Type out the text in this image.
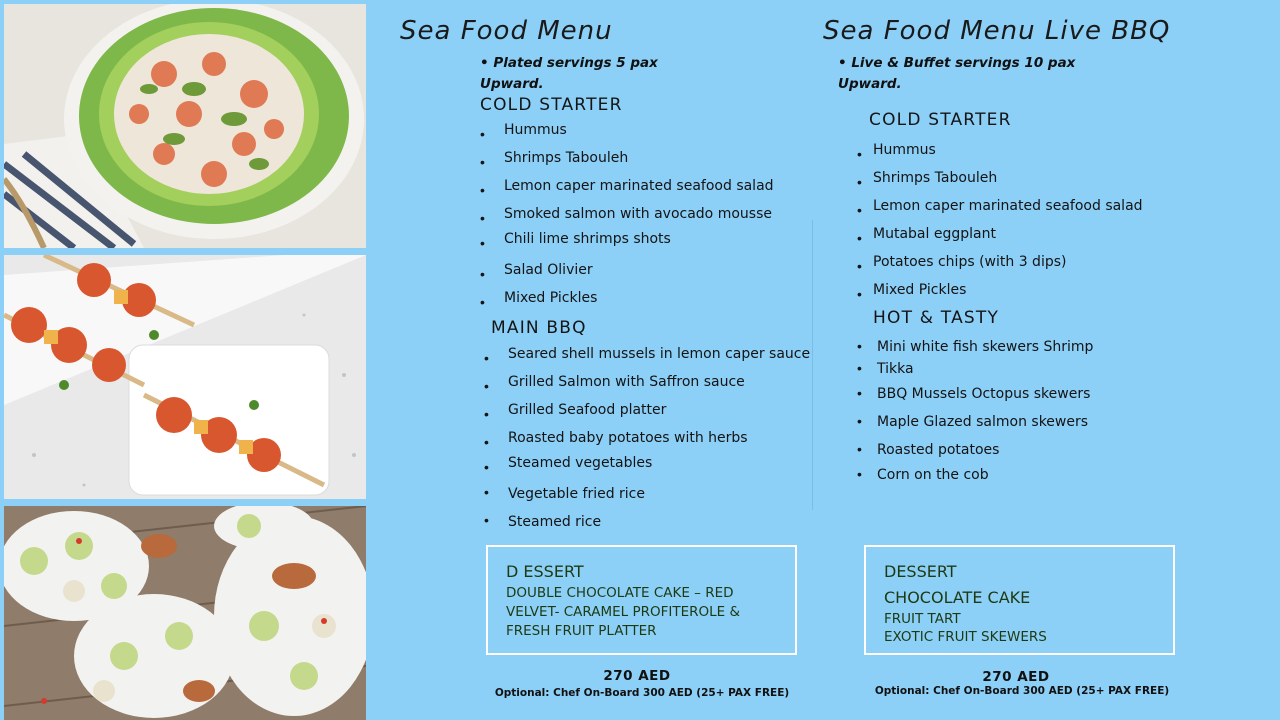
Sea Food Menu
• Plated servings 5 pax
Upward.
COLD STARTER
• Hummus
• Shrimps Tabouleh
• Lemon caper marinated seafood salad
• Smoked salmon with avocado mousse
• Chili lime shrimps shots
• Salad Olivier
• Mixed Pickles
MAIN BBQ
• Seared shell mussels in lemon caper sauce
• Grilled Salmon with Saffron sauce
• Grilled Seafood platter
• Roasted baby potatoes with herbs
• Steamed vegetables
• Vegetable fried rice
• Steamed rice
D ESSERT
DOUBLE CHOCOLATE CAKE – RED
VELVET- CARAMEL PROFITEROLE &
FRESH FRUIT PLATTER
270 AED
Optional: Chef On-Board 300 AED (25+ PAX FREE)
Sea Food Menu Live BBQ
• Live & Buffet servings 10 pax
Upward.
COLD STARTER
• Hummus
• Shrimps Tabouleh
• Lemon caper marinated seafood salad
• Mutabal eggplant
• Potatoes chips (with 3 dips)
• Mixed Pickles
HOT & TASTY
• Mini white fish skewers Shrimp
• Tikka
• BBQ Mussels Octopus skewers
• Maple Glazed salmon skewers
• Roasted potatoes
• Corn on the cob
DESSERT
CHOCOLATE CAKE
FRUIT TART
EXOTIC FRUIT SKEWERS
270 AED
Optional: Chef On-Board 300 AED (25+ PAX FREE)
